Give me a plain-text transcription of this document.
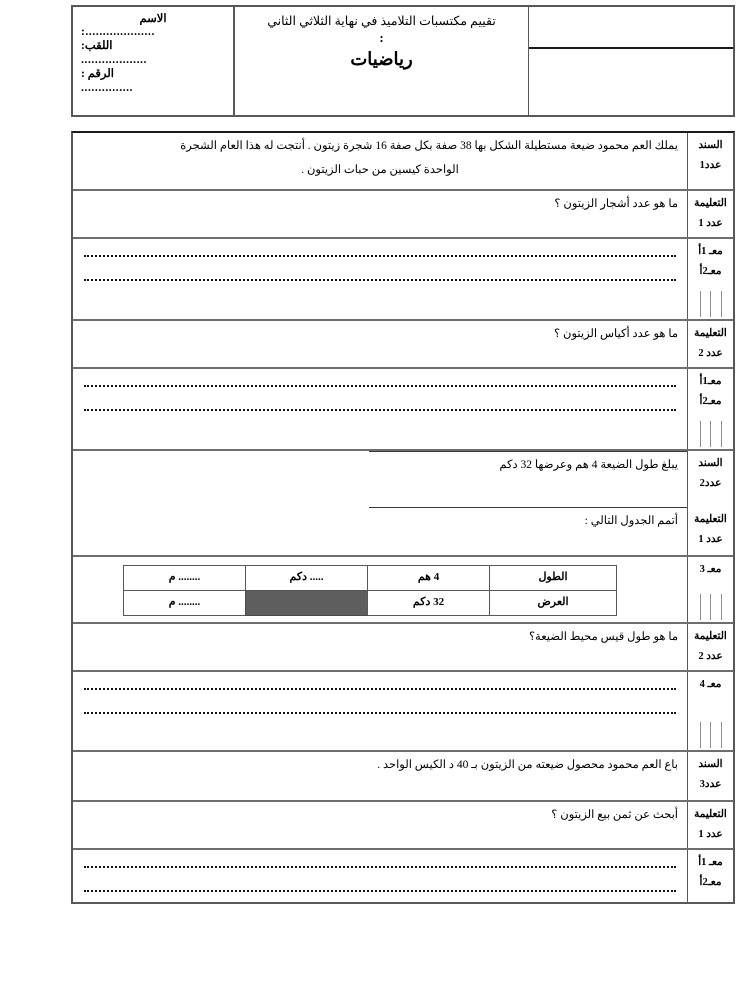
تقييم مكتسبات التلاميذ في نهاية الثلاثي الثاني
:
رياضيات
الاسم
....................:
اللقب:
...................
الرقم :
...............
السند
عدد1

يملك العم محمود ضيعة مستطيلة الشكل بها 38 صفة بكل صفة 16 شجرة زيتون . أنتجت له هذا العام الشجرة

الواحدة كيسين من حبات الزيتون .

التعليمة
عدد 1

ما هو عدد أشجار الزيتون ؟

معـ 1أ
معـ2أ
التعليمة
عدد 2

ما هو عدد أكياس الزيتون ؟

معـ1أ
معـ2أ
السند
عدد2

يبلغ طول الضيعة 4 هم وعرضها 32 دكم

التعليمة
عدد 1

أتمم الجدول التالي :

معـ 3
الطول	4 هم	..... دكم	........ م
العرض	32 دكم		........ م
التعليمة
عدد 2

ما هو طول قيس محيط الضيعة؟

معـ 4
السند
عدد3

باع العم محمود محصول ضيعته من الزيتون بـ 40 د الكيس الواحد .

التعليمة
عدد 1

أبحث عن ثمن بيع الزيتون ؟

معـ 1أ
معـ2أ
